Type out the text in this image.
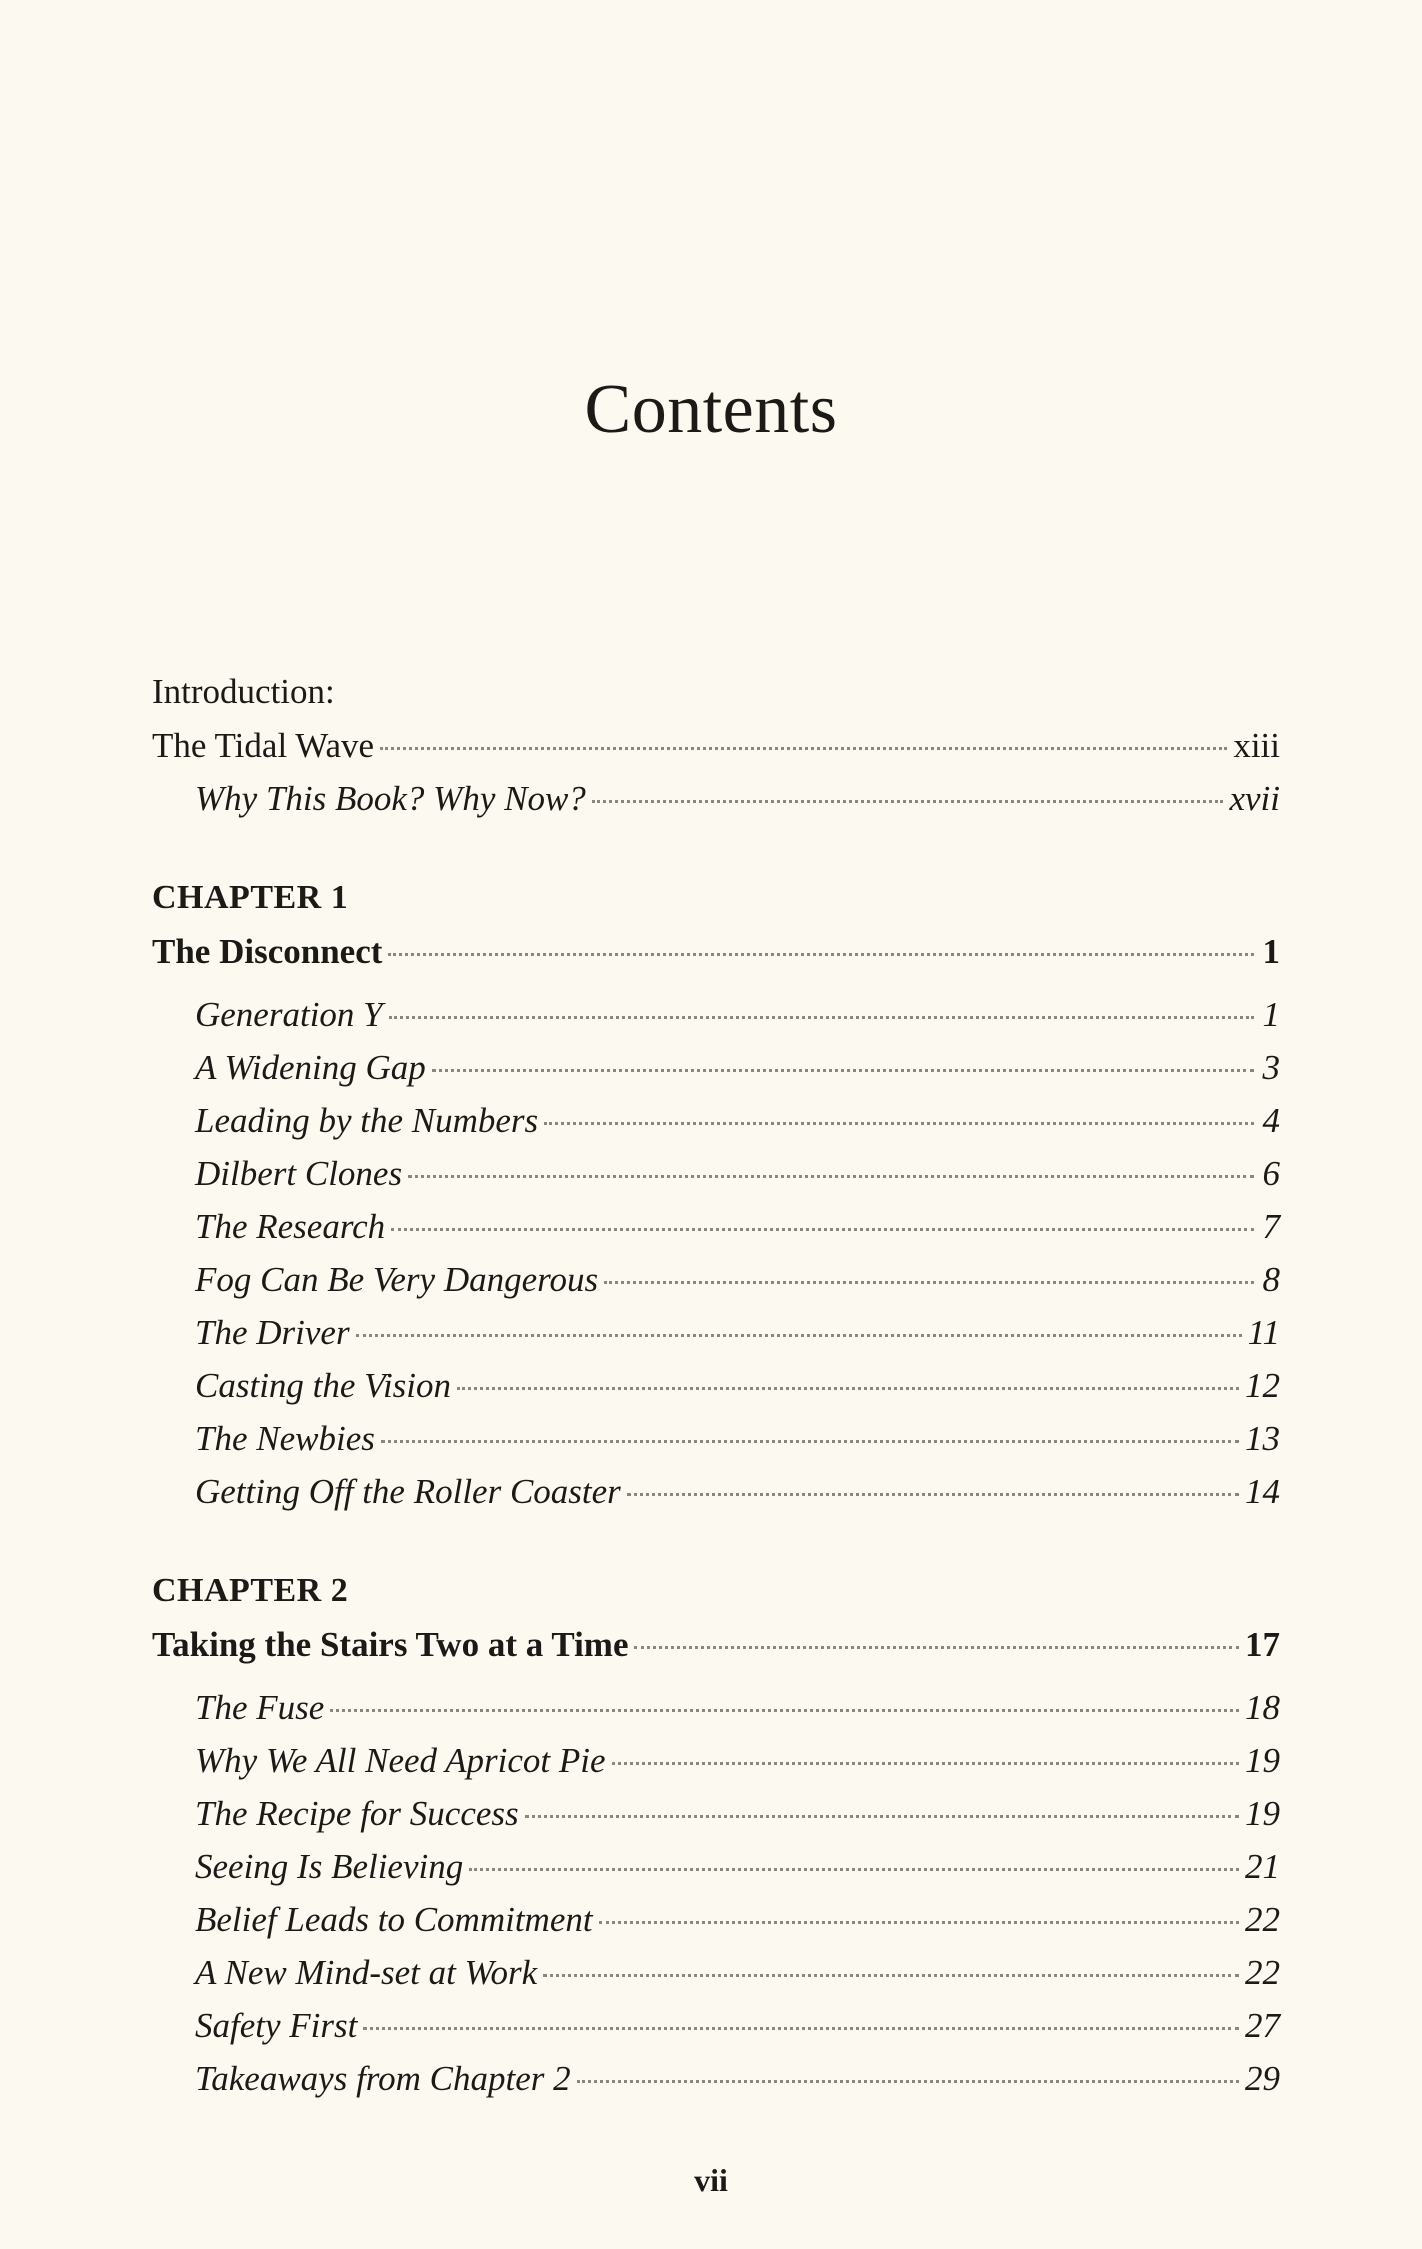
Contents
Introduction:
The Tidal Wave	xiii
Why This Book? Why Now?	xvii
CHAPTER 1
The Disconnect	1
Generation Y	1
A Widening Gap	3
Leading by the Numbers	4
Dilbert Clones	6
The Research	7
Fog Can Be Very Dangerous	8
The Driver	11
Casting the Vision	12
The Newbies	13
Getting Off the Roller Coaster	14
CHAPTER 2
Taking the Stairs Two at a Time	17
The Fuse	18
Why We All Need Apricot Pie	19
The Recipe for Success	19
Seeing Is Believing	21
Belief Leads to Commitment	22
A New Mind-set at Work	22
Safety First	27
Takeaways from Chapter 2	29
vii
